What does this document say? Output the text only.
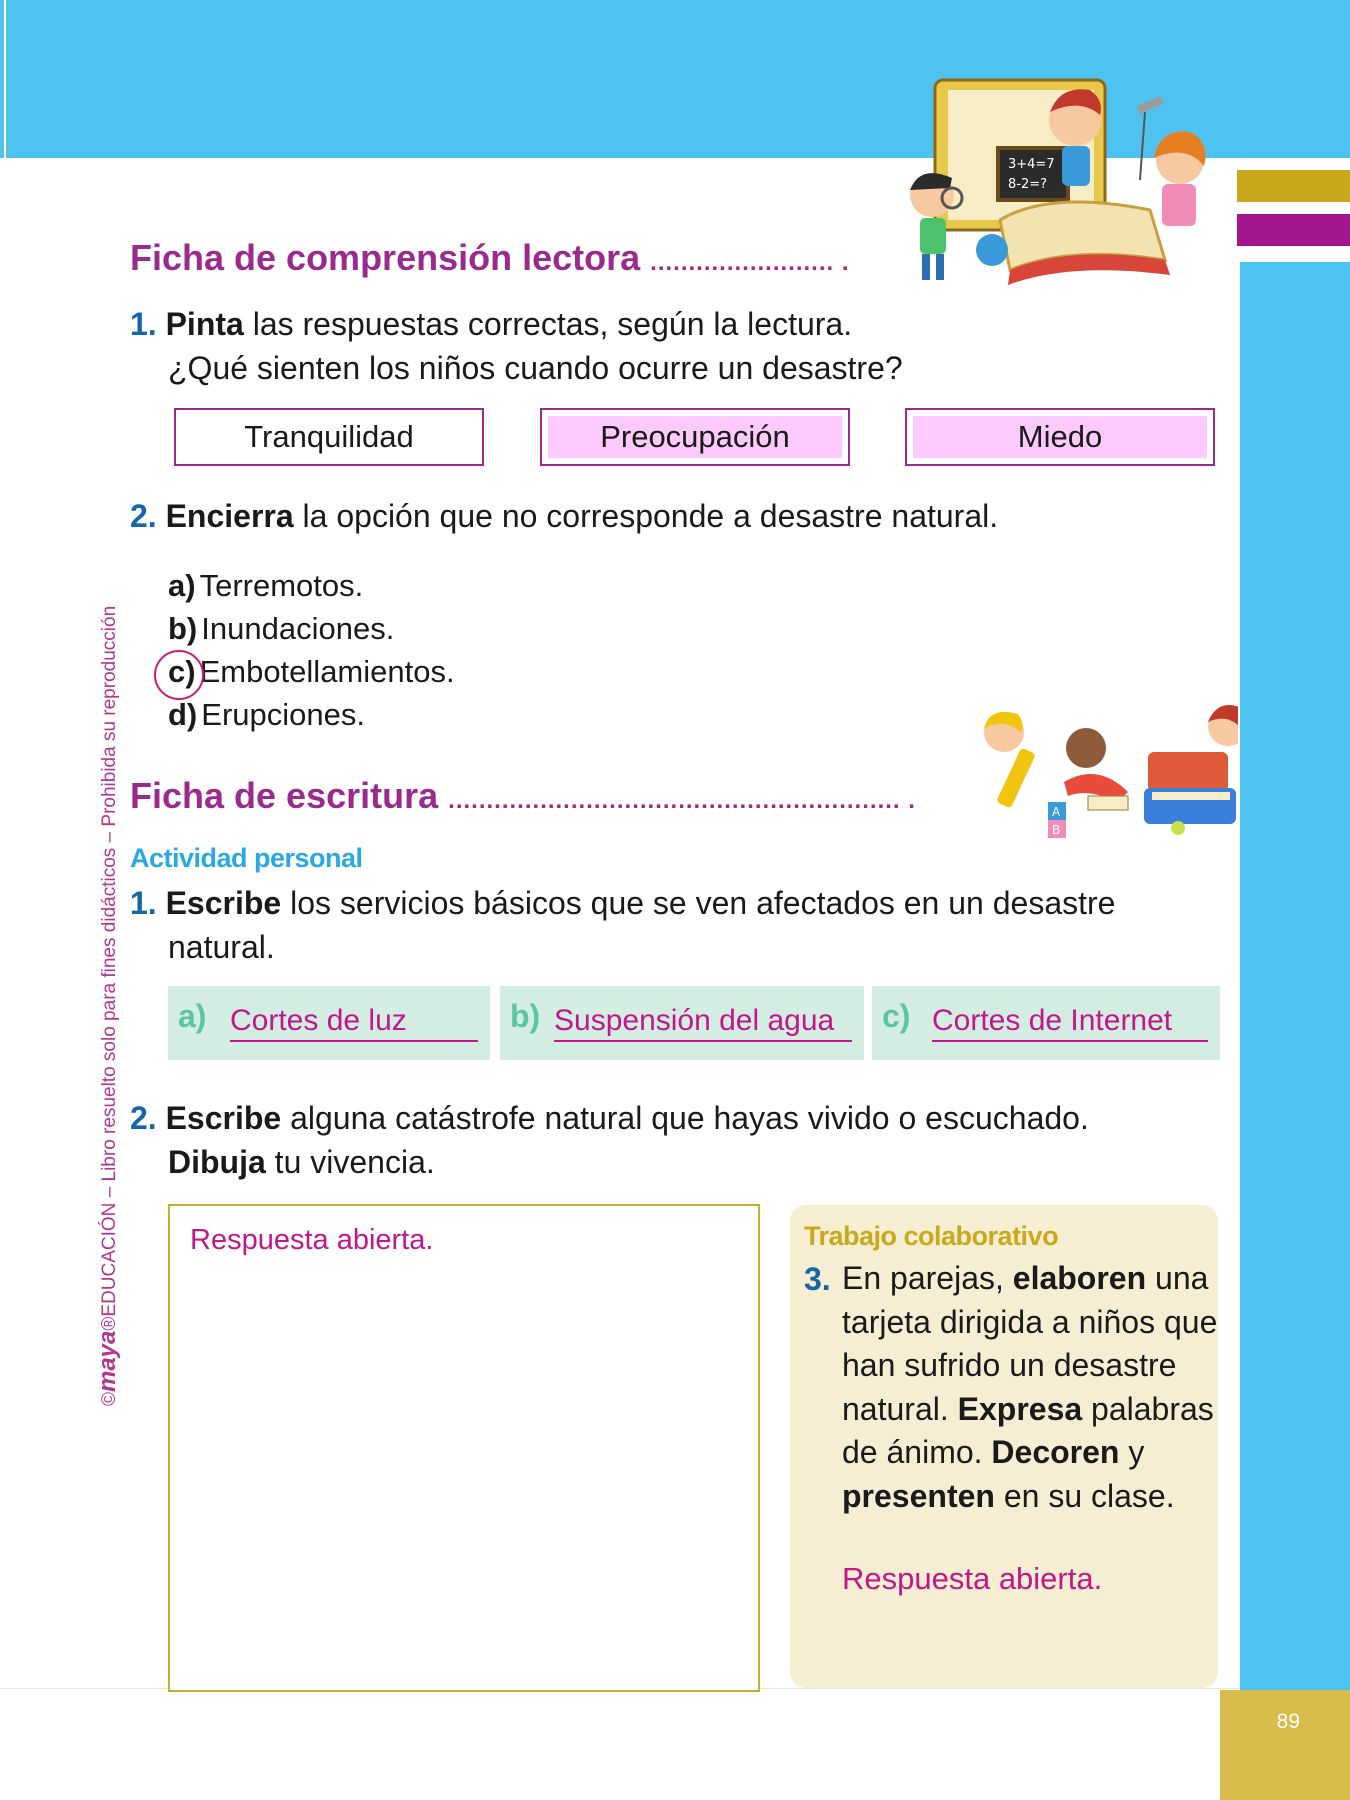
89
©maya®EDUCACIÓN – Libro resuelto solo para fines didácticos – Prohibida su reproducción
3+4=7
8-2=?
A
B
Ficha de comprensión lectora ........................ .
1. Pinta las respuestas correctas, según la lectura.
¿Qué sienten los niños cuando ocurre un desastre?
Tranquilidad	Preocupación	Miedo
2. Encierra la opción que no corresponde a desastre natural.
a) Terremotos.
b) Inundaciones.
c) Embotellamientos.
d) Erupciones.
Ficha de escritura ........................................................... .
Actividad personal
1. Escribe los servicios básicos que se ven afectados en un desastre
natural.
a) Cortes de luz	b) Suspensión del agua	c) Cortes de Internet
2. Escribe alguna catástrofe natural que hayas vivido o escuchado.
Dibuja tu vivencia.
Respuesta abierta.	Trabajo colaborativo
3. En parejas, elaboren una tarjeta dirigida a niños que han sufrido un desastre natural. Expresa palabras de ánimo. Decoren y presenten en su clase.
Respuesta abierta.
